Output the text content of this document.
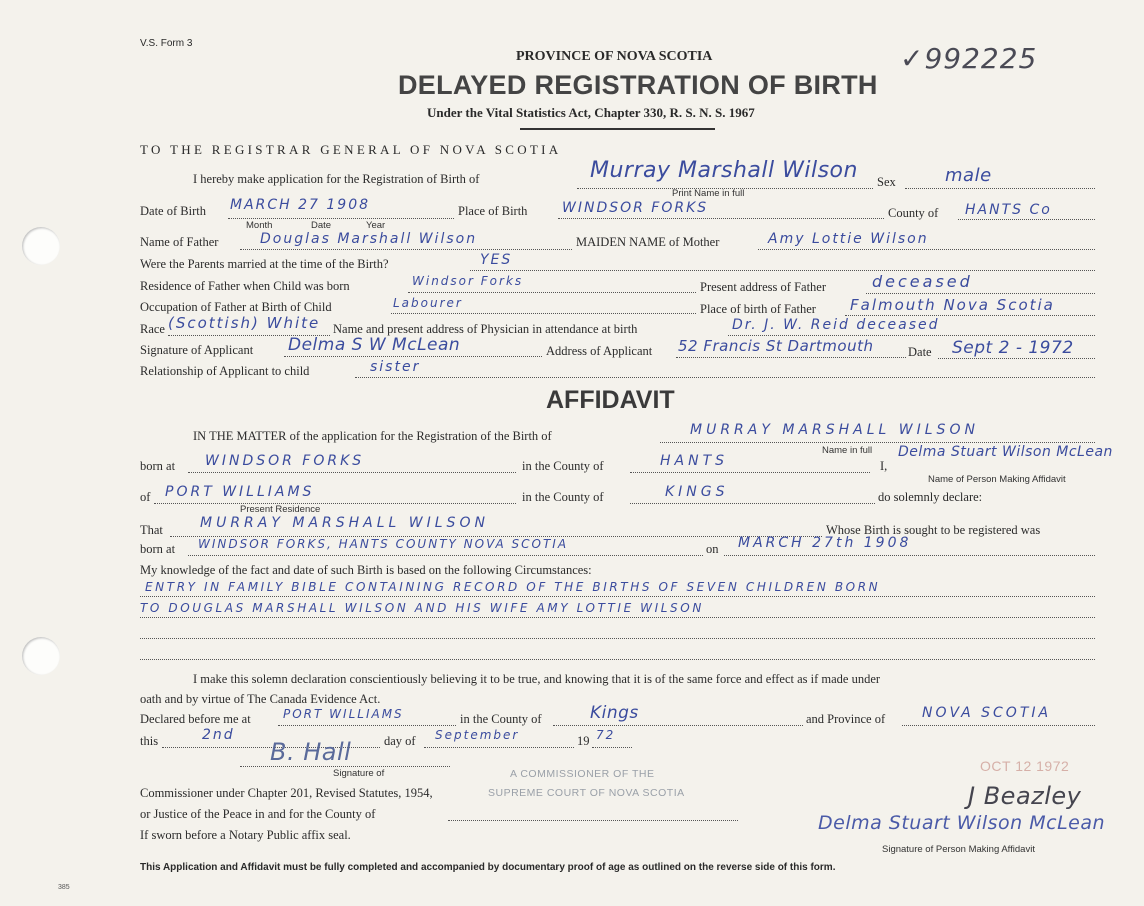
V.S. Form 3
PROVINCE OF NOVA SCOTIA
DELAYED REGISTRATION OF BIRTH
Under the Vital Statistics Act, Chapter 330, R. S. N. S. 1967
✓992225
TO THE REGISTRAR GENERAL OF NOVA SCOTIA
I hereby make application for the Registration of Birth of	Murray Marshall Wilson Sex	male
Print Name in full
Date of Birth MARCH 27 1908
Month	Date	Year
Place of Birth WINDSOR FORKS	County of HANTS Co
Name of Father	Douglas Marshall Wilson	MAIDEN NAME of Mother	Amy Lottie Wilson
Were the Parents married at the time of the Birth?	YES
Residence of Father when Child was born	Windsor Forks	Present address of Father	deceased
Occupation of Father at Birth of Child	Labourer	Place of birth of Father Falmouth Nova Scotia
Race (Scottish) White Name and present address of Physician in attendance at birth	Dr. J. W. Reid deceased
Signature of Applicant Delma S W McLean	Address of Applicant 52 Francis St Dartmouth	Date Sept 2 - 1972
Relationship of Applicant to child	sister
AFFIDAVIT
IN THE MATTER of the application for the Registration of the Birth of	MURRAY MARSHALL WILSON
Name in full
born at WINDSOR FORKS	in the County of	HANTS	I,
Delma Stuart Wilson McLean
Name of Person Making Affidavit
of PORT WILLIAMS
Present Residence
in the County of	KINGS	do solemnly declare:
That	MURRAY MARSHALL WILSON	Whose Birth is sought to be registered was
born at WINDSOR FORKS, HANTS COUNTY NOVA SCOTIA	on MARCH 27th 1908
My knowledge of the fact and date of such Birth is based on the following Circumstances:
ENTRY IN FAMILY BIBLE CONTAINING RECORD OF THE BIRTHS OF SEVEN CHILDREN BORN
TO DOUGLAS MARSHALL WILSON AND HIS WIFE AMY LOTTIE WILSON
I make this solemn declaration conscientiously believing it to be true, and knowing that it is of the same force and effect as if made under
oath and by virtue of The Canada Evidence Act.
Declared before me at	PORT WILLIAMS	in the County of	Kings	and Province of	NOVA SCOTIA
this	2nd	day of September	19 72
B. Hall
Signature of	A COMMISSIONER OF THE
Commissioner under Chapter 201, Revised Statutes, 1954,	SUPREME COURT OF NOVA SCOTIA
or Justice of the Peace in and for the County of
If sworn before a Notary Public affix seal.
OCT 12 1972
J Beazley
Delma Stuart Wilson McLean
Signature of Person Making Affidavit
This Application and Affidavit must be fully completed and accompanied by documentary proof of age as outlined on the reverse side of this form.
385
